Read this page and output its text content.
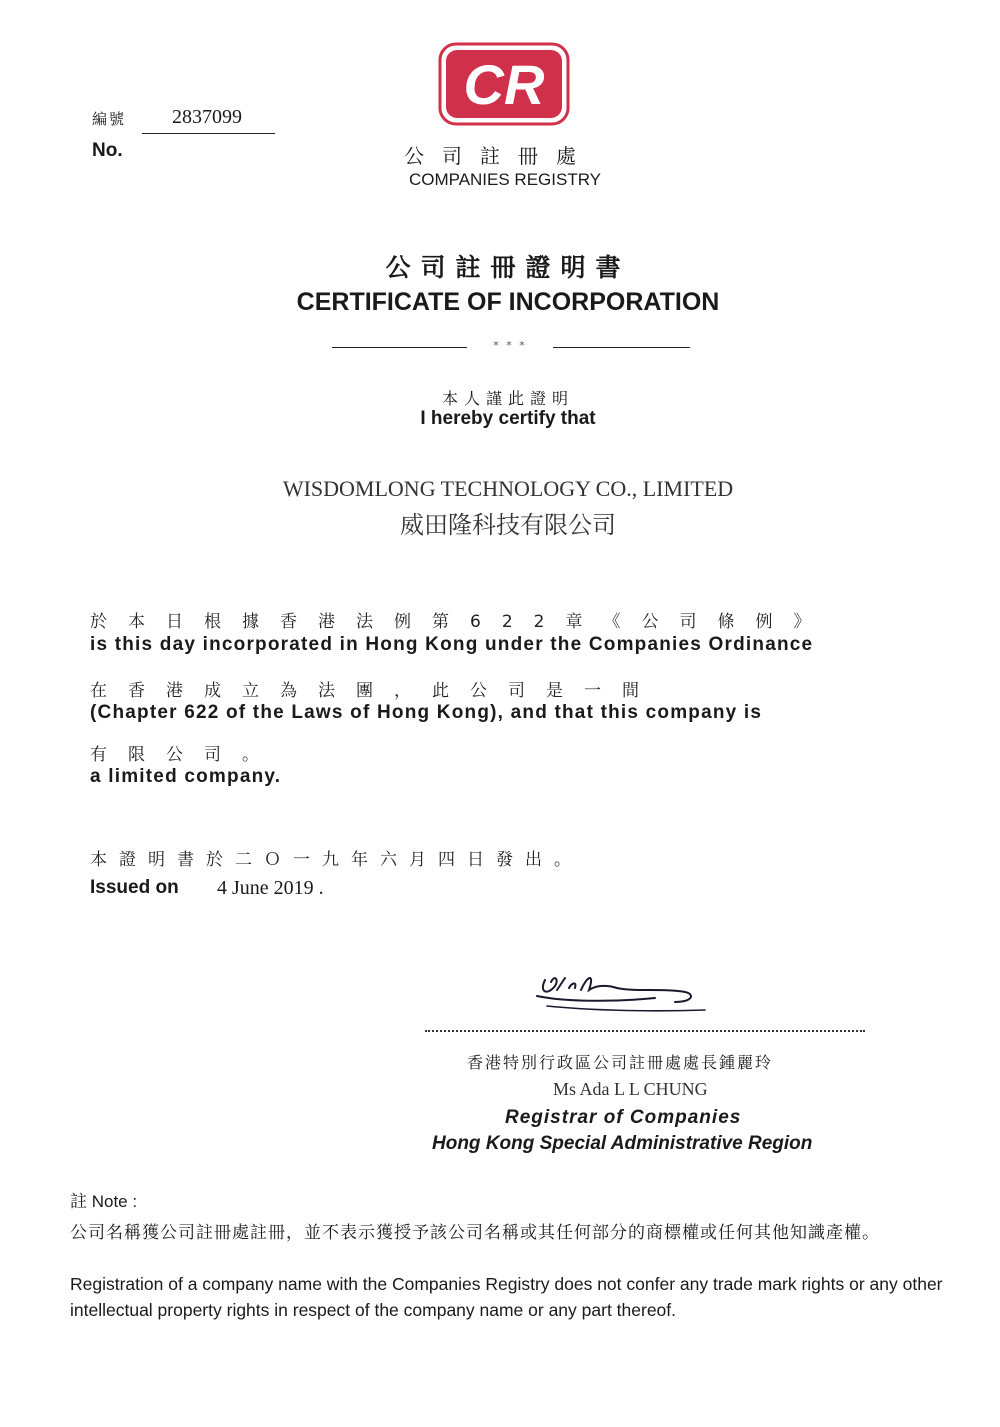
編號 2837099
No.
CR
公司註冊處
COMPANIES REGISTRY
公司註冊證明書
CERTIFICATE OF INCORPORATION
* * *
本人謹此證明
I hereby certify that
WISDOMLONG TECHNOLOGY CO., LIMITED
威田隆科技有限公司
於本日根據香港法例第622章《公司條例》
is this day incorporated in Hong Kong under the Companies Ordinance
在香港成立為法團，此公司是一間
(Chapter 622 of the Laws of Hong Kong), and that this company is
有限公司。
a limited company.
本證明書於二Ｏ一九年六月四日發出。
Issued on 4 June 2019 .
香港特別行政區公司註冊處處長鍾麗玲
Ms Ada L L CHUNG
Registrar of Companies
Hong Kong Special Administrative Region
註 Note :
公司名稱獲公司註冊處註冊，並不表示獲授予該公司名稱或其任何部分的商標權或任何其他知識產權。
Registration of a company name with the Companies Registry does not confer any trade mark rights or any other intellectual property rights in respect of the company name or any part thereof.
